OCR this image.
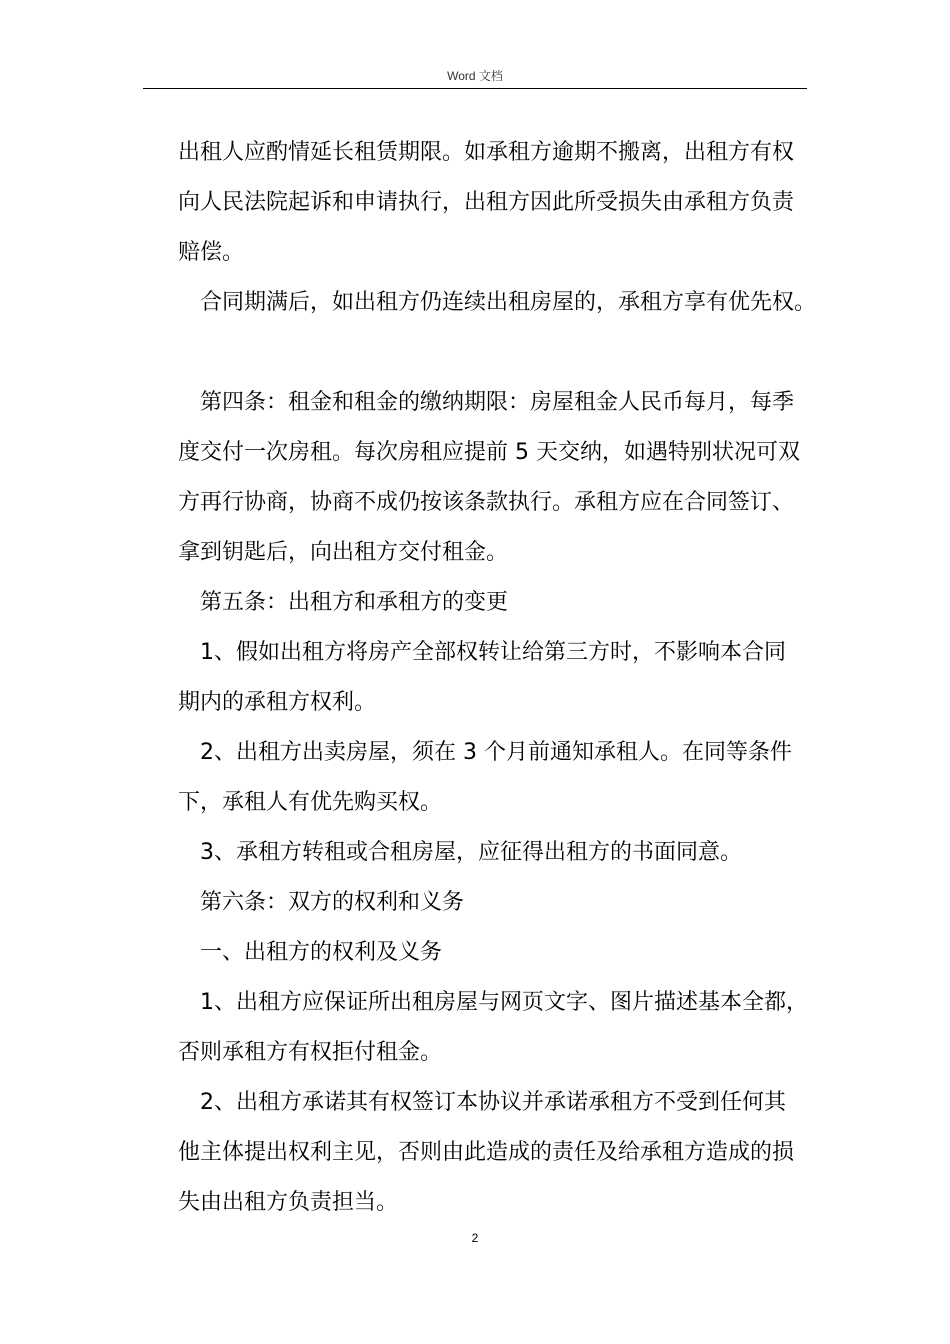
Word 文档

出租人应酌情延长租赁期限。如承租方逾期不搬离，出租方有权

向人民法院起诉和申请执行，出租方因此所受损失由承租方负责

赔偿。

合同期满后，如出租方仍连续出租房屋的，承租方享有优先权。

第四条：租金和租金的缴纳期限：房屋租金人民币每月，每季

度交付一次房租。每次房租应提前 5 天交纳，如遇特别状况可双

方再行协商，协商不成仍按该条款执行。承租方应在合同签订、

拿到钥匙后，向出租方交付租金。

第五条：出租方和承租方的变更

1、假如出租方将房产全部权转让给第三方时，不影响本合同

期内的承租方权利。

2、出租方出卖房屋，须在 3 个月前通知承租人。在同等条件

下，承租人有优先购买权。

3、承租方转租或合租房屋，应征得出租方的书面同意。

第六条：双方的权利和义务

一、出租方的权利及义务

1、出租方应保证所出租房屋与网页文字、图片描述基本全都，

否则承租方有权拒付租金。

2、出租方承诺其有权签订本协议并承诺承租方不受到任何其

他主体提出权利主见，否则由此造成的责任及给承租方造成的损

失由出租方负责担当。

2
